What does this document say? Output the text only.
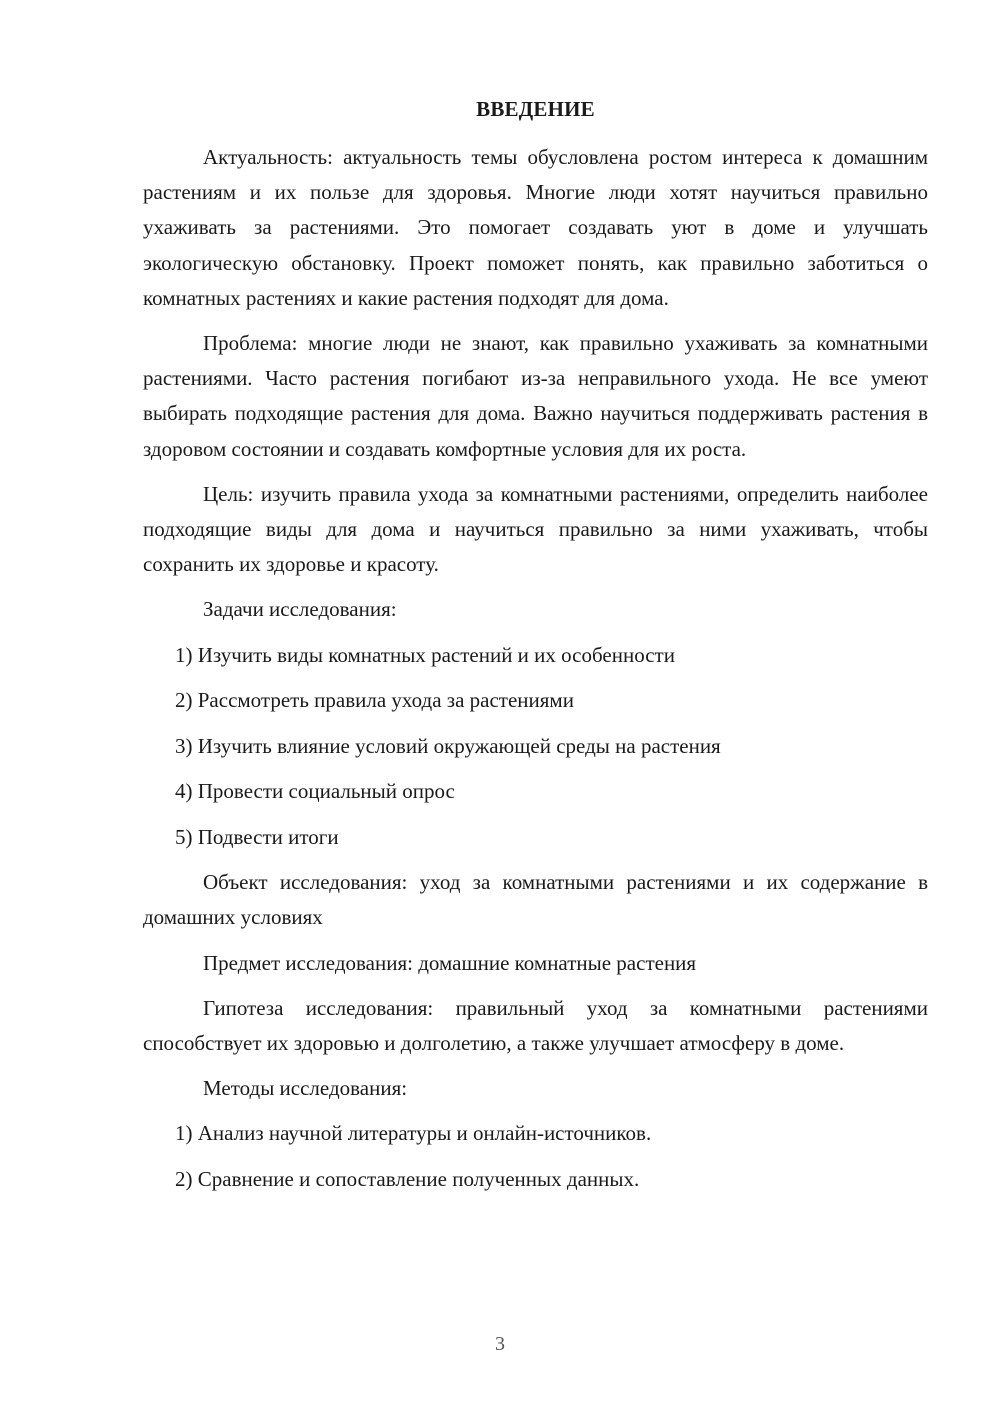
ВВЕДЕНИЕ

Актуальность: актуальность темы обусловлена ростом интереса к домашним растениям и их пользе для здоровья. Многие люди хотят научиться правильно ухаживать за растениями. Это помогает создавать уют в доме и улучшать экологическую обстановку. Проект поможет понять, как правильно заботиться о комнатных растениях и какие растения подходят для дома.

Проблема: многие люди не знают, как правильно ухаживать за комнатными растениями. Часто растения погибают из-за неправильного ухода. Не все умеют выбирать подходящие растения для дома. Важно научиться поддерживать растения в здоровом состоянии и создавать комфортные условия для их роста.

Цель: изучить правила ухода за комнатными растениями, определить наиболее подходящие виды для дома и научиться правильно за ними ухаживать, чтобы сохранить их здоровье и красоту.

Задачи исследования:

1) Изучить виды комнатных растений и их особенности
2) Рассмотреть правила ухода за растениями
3) Изучить влияние условий окружающей среды на растения
4) Провести социальный опрос
5) Подвести итоги

Объект исследования: уход за комнатными растениями и их содержание в домашних условиях

Предмет исследования: домашние комнатные растения

Гипотеза исследования: правильный уход за комнатными растениями способствует их здоровью и долголетию, а также улучшает атмосферу в доме.

Методы исследования:

1) Анализ научной литературы и онлайн-источников.
2) Сравнение и сопоставление полученных данных.
3
